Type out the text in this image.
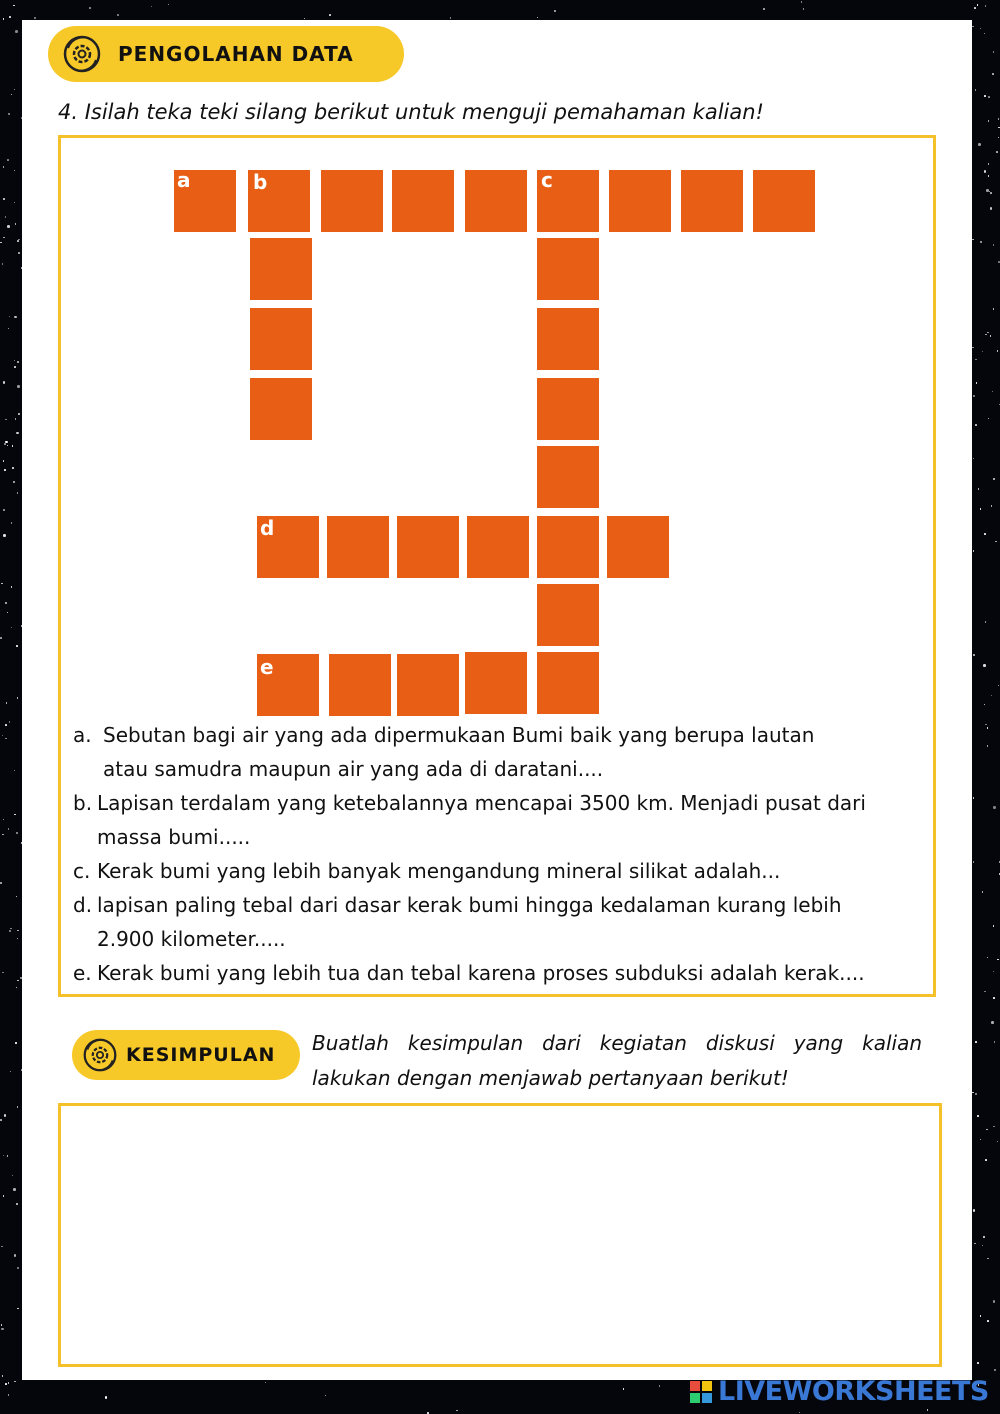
PENGOLAHAN DATA
4. Isilah teka teki silang berikut untuk menguji pemahaman kalian!
a	b	c
d
e
a. Sebutan bagi air yang ada dipermukaan Bumi baik yang berupa lautan
atau samudra maupun air yang ada di daratani....
b. Lapisan terdalam yang ketebalannya mencapai 3500 km. Menjadi pusat dari
massa bumi.....
c. Kerak bumi yang lebih banyak mengandung mineral silikat adalah...
d. lapisan paling tebal dari dasar kerak bumi hingga kedalaman kurang lebih
2.900 kilometer.....
e. Kerak bumi yang lebih tua dan tebal karena proses subduksi adalah kerak....
KESIMPULAN Buatlah kesimpulan dari kegiatan diskusi yang kalian lakukan dengan menjawab pertanyaan berikut!
LIVEWORKSHEETS
